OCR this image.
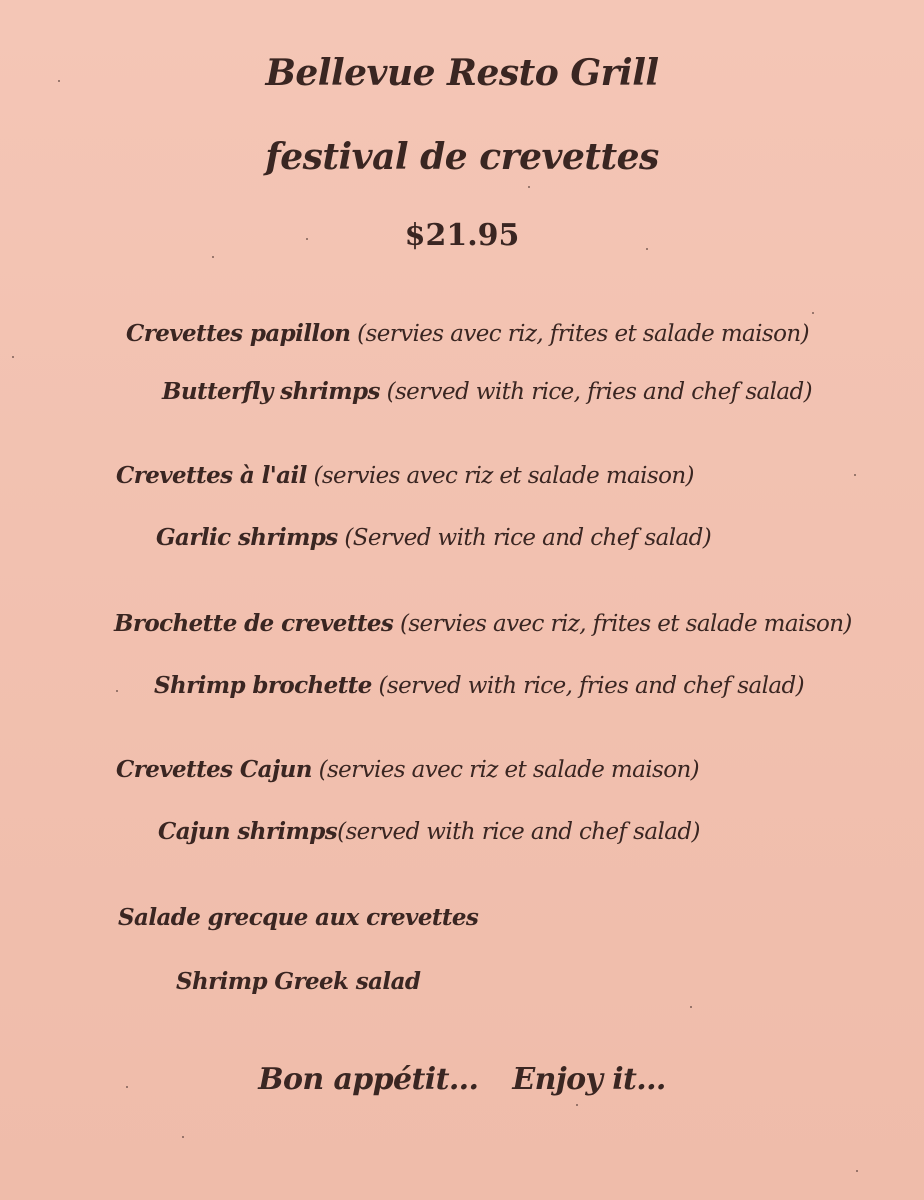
Bellevue Resto Grill
festival de crevettes
$21.95
Crevettes papillon (servies avec riz, frites et salade maison)
Butterfly shrimps (served with rice, fries and chef salad)
Crevettes à l'ail (servies avec riz et salade maison)
Garlic shrimps (Served with rice and chef salad)
Brochette de crevettes (servies avec riz, frites et salade maison)
Shrimp brochette (served with rice, fries and chef salad)
Crevettes Cajun (servies avec riz et salade maison)
Cajun shrimps(served with rice and chef salad)
Salade grecque aux crevettes
Shrimp Greek salad
Bon appétit... Enjoy it...
